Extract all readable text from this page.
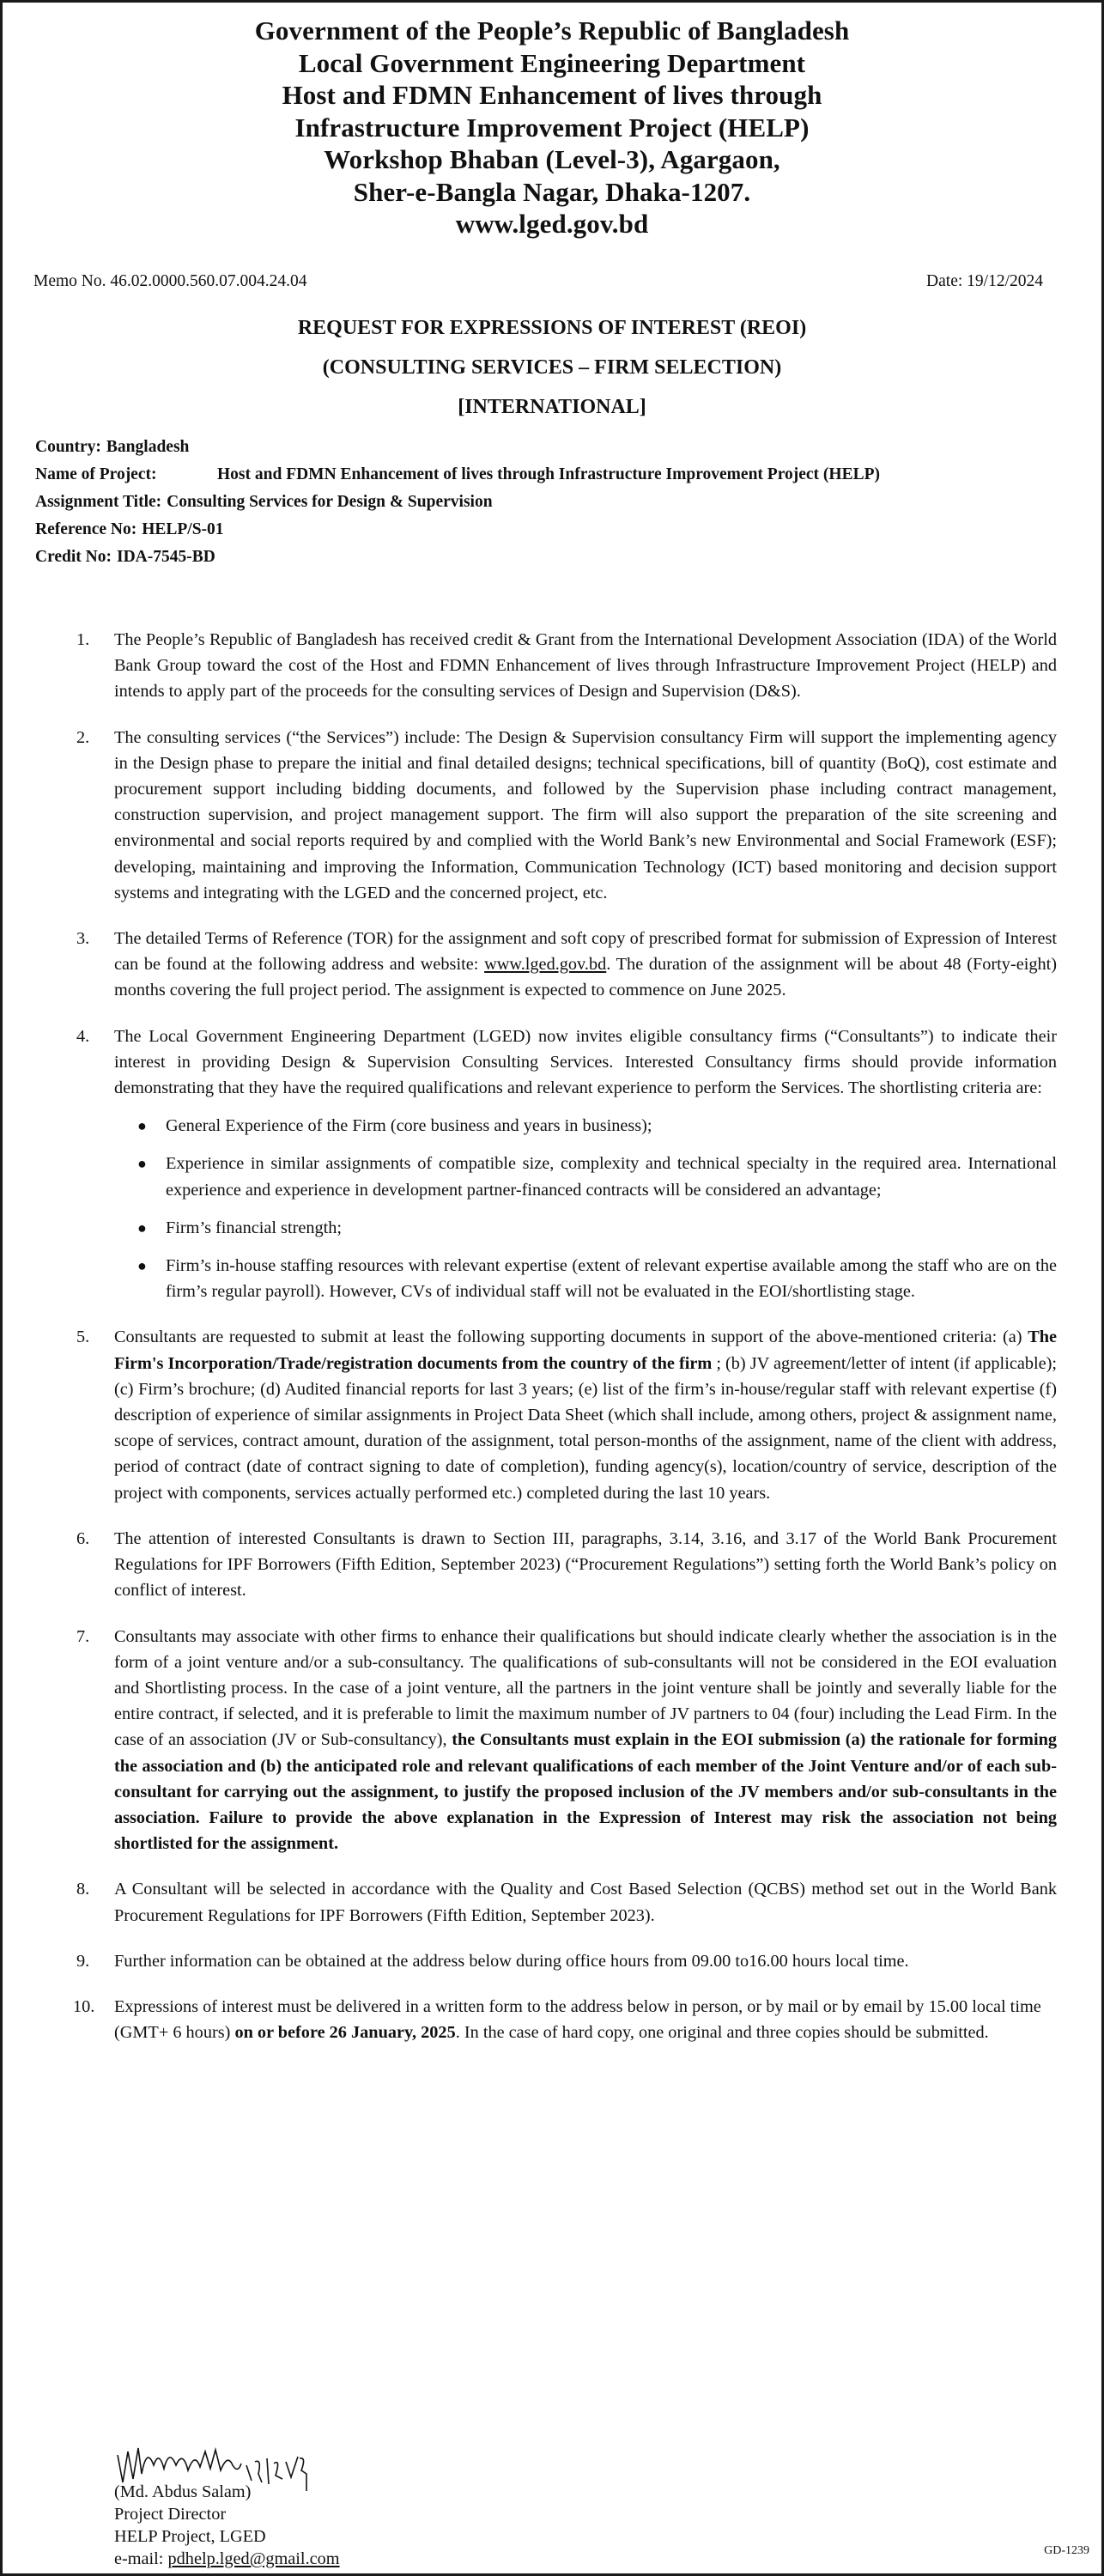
Government of the People’s Republic of Bangladesh
Local Government Engineering Department
Host and FDMN Enhancement of lives through
Infrastructure Improvement Project (HELP)
Workshop Bhaban (Level-3), Agargaon,
Sher-e-Bangla Nagar, Dhaka-1207.
www.lged.gov.bd
Memo No. 46.02.0000.560.07.004.24.04	Date: 19/12/2024
REQUEST FOR EXPRESSIONS OF INTEREST (REOI)
(CONSULTING SERVICES – FIRM SELECTION)
[INTERNATIONAL]
Country: Bangladesh
Name of Project:	Host and FDMN Enhancement of lives through Infrastructure Improvement Project (HELP)
Assignment Title: Consulting Services for Design & Supervision
Reference No: HELP/S-01
Credit No: IDA-7545-BD
1. The People’s Republic of Bangladesh has received credit & Grant from the International Development Association (IDA) of the World Bank Group toward the cost of the Host and FDMN Enhancement of lives through Infrastructure Improvement Project (HELP) and intends to apply part of the proceeds for the consulting services of Design and Supervision (D&S).

2. The consulting services (“the Services”) include: The Design & Supervision consultancy Firm will support the implementing agency in the Design phase to prepare the initial and final detailed designs; technical specifications, bill of quantity (BoQ), cost estimate and procurement support including bidding documents, and followed by the Supervision phase including contract management, construction supervision, and project management support. The firm will also support the preparation of the site screening and environmental and social reports required by and complied with the World Bank’s new Environmental and Social Framework (ESF); developing, maintaining and improving the Information, Communication Technology (ICT) based monitoring and decision support systems and integrating with the LGED and the concerned project, etc.

3. The detailed Terms of Reference (TOR) for the assignment and soft copy of prescribed format for submission of Expression of Interest can be found at the following address and website: www.lged.gov.bd. The duration of the assignment will be about 48 (Forty-eight) months covering the full project period. The assignment is expected to commence on June 2025.

4. The Local Government Engineering Department (LGED) now invites eligible consultancy firms (“Consultants”) to indicate their interest in providing Design & Supervision Consulting Services. Interested Consultancy firms should provide information demonstrating that they have the required qualifications and relevant experience to perform the Services. The shortlisting criteria are:

● General Experience of the Firm (core business and years in business);
● Experience in similar assignments of compatible size, complexity and technical specialty in the required area. International experience and experience in development partner-financed contracts will be considered an advantage;
● Firm’s financial strength;
● Firm’s in-house staffing resources with relevant expertise (extent of relevant expertise available among the staff who are on the firm’s regular payroll). However, CVs of individual staff will not be evaluated in the EOI/shortlisting stage.
5. Consultants are requested to submit at least the following supporting documents in support of the above-mentioned criteria: (a) The Firm's Incorporation/Trade/registration documents from the country of the firm ; (b) JV agreement/letter of intent (if applicable); (c) Firm’s brochure; (d) Audited financial reports for last 3 years; (e) list of the firm’s in-house/regular staff with relevant expertise (f) description of experience of similar assignments in Project Data Sheet (which shall include, among others, project & assignment name, scope of services, contract amount, duration of the assignment, total person-months of the assignment, name of the client with address, period of contract (date of contract signing to date of completion), funding agency(s), location/country of service, description of the project with components, services actually performed etc.) completed during the last 10 years.

6. The attention of interested Consultants is drawn to Section III, paragraphs, 3.14, 3.16, and 3.17 of the World Bank Procurement Regulations for IPF Borrowers (Fifth Edition, September 2023) (“Procurement Regulations”) setting forth the World Bank’s policy on conflict of interest.

7. Consultants may associate with other firms to enhance their qualifications but should indicate clearly whether the association is in the form of a joint venture and/or a sub-consultancy. The qualifications of sub-consultants will not be considered in the EOI evaluation and Shortlisting process. In the case of a joint venture, all the partners in the joint venture shall be jointly and severally liable for the entire contract, if selected, and it is preferable to limit the maximum number of JV partners to 04 (four) including the Lead Firm. In the case of an association (JV or Sub-consultancy), the Consultants must explain in the EOI submission (a) the rationale for forming the association and (b) the anticipated role and relevant qualifications of each member of the Joint Venture and/or of each sub-consultant for carrying out the assignment, to justify the proposed inclusion of the JV members and/or sub-consultants in the association. Failure to provide the above explanation in the Expression of Interest may risk the association not being shortlisted for the assignment.

8. A Consultant will be selected in accordance with the Quality and Cost Based Selection (QCBS) method set out in the World Bank Procurement Regulations for IPF Borrowers (Fifth Edition, September 2023).

9. Further information can be obtained at the address below during office hours from 09.00 to16.00 hours local time.

10. Expressions of interest must be delivered in a written form to the address below in person, or by mail or by email by 15.00 local time (GMT+ 6 hours) on or before 26 January, 2025. In the case of hard copy, one original and three copies should be submitted.

(Md. Abdus Salam)
Project Director
HELP Project, LGED
e-mail: pdhelp.lged@gmail.com	GD-1239
